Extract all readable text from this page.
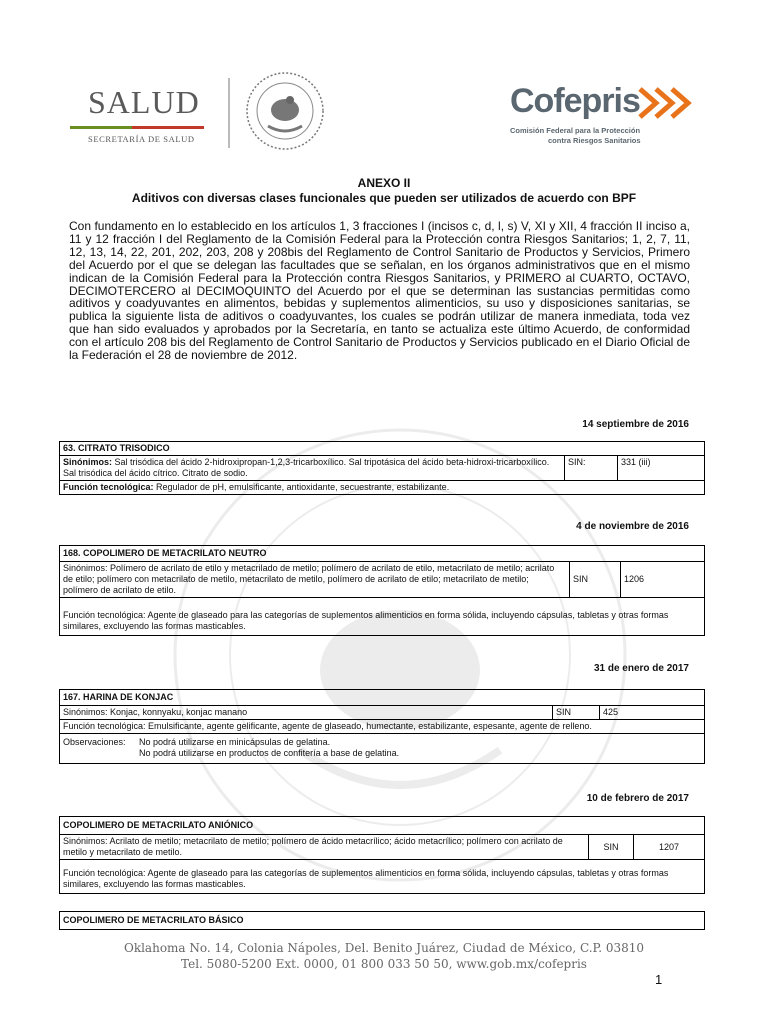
SALUD
SECRETARÍA DE SALUD
Cofepris
Comisión Federal para la Protección
contra Riesgos Sanitarios
ANEXO II
Aditivos con diversas clases funcionales que pueden ser utilizados de acuerdo con BPF
Con fundamento en lo establecido en los artículos 1, 3 fracciones I (incisos c, d, l, s) V, XI y XII, 4 fracción II inciso a, 11 y 12 fracción I del Reglamento de la Comisión Federal para la Protección contra Riesgos Sanitarios; 1, 2, 7, 11, 12, 13, 14, 22, 201, 202, 203, 208 y 208bis del Reglamento de Control Sanitario de Productos y Servicios, Primero del Acuerdo por el que se delegan las facultades que se señalan, en los órganos administrativos que en el mismo indican de la Comisión Federal para la Protección contra Riesgos Sanitarios, y PRIMERO al CUARTO, OCTAVO, DECIMOTERCERO al DECIMOQUINTO del Acuerdo por el que se determinan las sustancias permitidas como aditivos y coadyuvantes en alimentos, bebidas y suplementos alimenticios, su uso y disposiciones sanitarias, se publica la siguiente lista de aditivos o coadyuvantes, los cuales se podrán utilizar de manera inmediata, toda vez que han sido evaluados y aprobados por la Secretaría, en tanto se actualiza este último Acuerdo, de conformidad con el artículo 208 bis del Reglamento de Control Sanitario de Productos y Servicios publicado en el Diario Oficial de la Federación el 28 de noviembre de 2012.
14 septiembre de 2016
63. CITRATO TRISODICO
Sinónimos: Sal trisódica del ácido 2-hidroxipropan-1,2,3-tricarboxílico. Sal tripotásica del ácido beta-hidroxi-tricarboxílico. Sal trisódica del ácido cítrico. Citrato de sodio.	SIN:	331 (iii)
Función tecnológica: Regulador de pH, emulsificante, antioxidante, secuestrante, estabilizante.
4 de noviembre de 2016
168. COPOLIMERO DE METACRILATO NEUTRO
Sinónimos: Polímero de acrilato de etilo y metacrilado de metilo; polímero de acrilato de etilo, metacrilato de metilo; acrilato de etilo; polímero con metacrilato de metilo, metacrilato de metilo, polímero de acrilato de etilo; metacrilato de metilo; polímero de acrilato de etilo.	SIN	1206
Función tecnológica: Agente de glaseado para las categorías de suplementos alimenticios en forma sólida, incluyendo cápsulas, tabletas y otras formas similares, excluyendo las formas masticables.
31 de enero de 2017
167. HARINA DE KONJAC
Sinónimos: Konjac, konnyaku, konjac manano	SIN	425
Función tecnológica: Emulsificante, agente gelificante, agente de glaseado, humectante, estabilizante, espesante, agente de relleno.

Observaciones:	No podrá utilizarse en minicápsulas de gelatina.
No podrá utilizarse en productos de confitería a base de gelatina.
10 de febrero de 2017
COPOLIMERO DE METACRILATO ANIÓNICO
Sinónimos: Acrilato de metilo; metacrilato de metilo; polímero de ácido metacrílico; ácido metacrílico; polímero con acrilato de metilo y metacrilato de metilo.	SIN	1207
Función tecnológica: Agente de glaseado para las categorías de suplementos alimenticios en forma sólida, incluyendo cápsulas, tabletas y otras formas similares, excluyendo las formas masticables.
COPOLIMERO DE METACRILATO BÁSICO
Oklahoma No. 14, Colonia Nápoles, Del. Benito Juárez, Ciudad de México, C.P. 03810
Tel. 5080-5200 Ext. 0000, 01 800 033 50 50, www.gob.mx/cofepris
1
